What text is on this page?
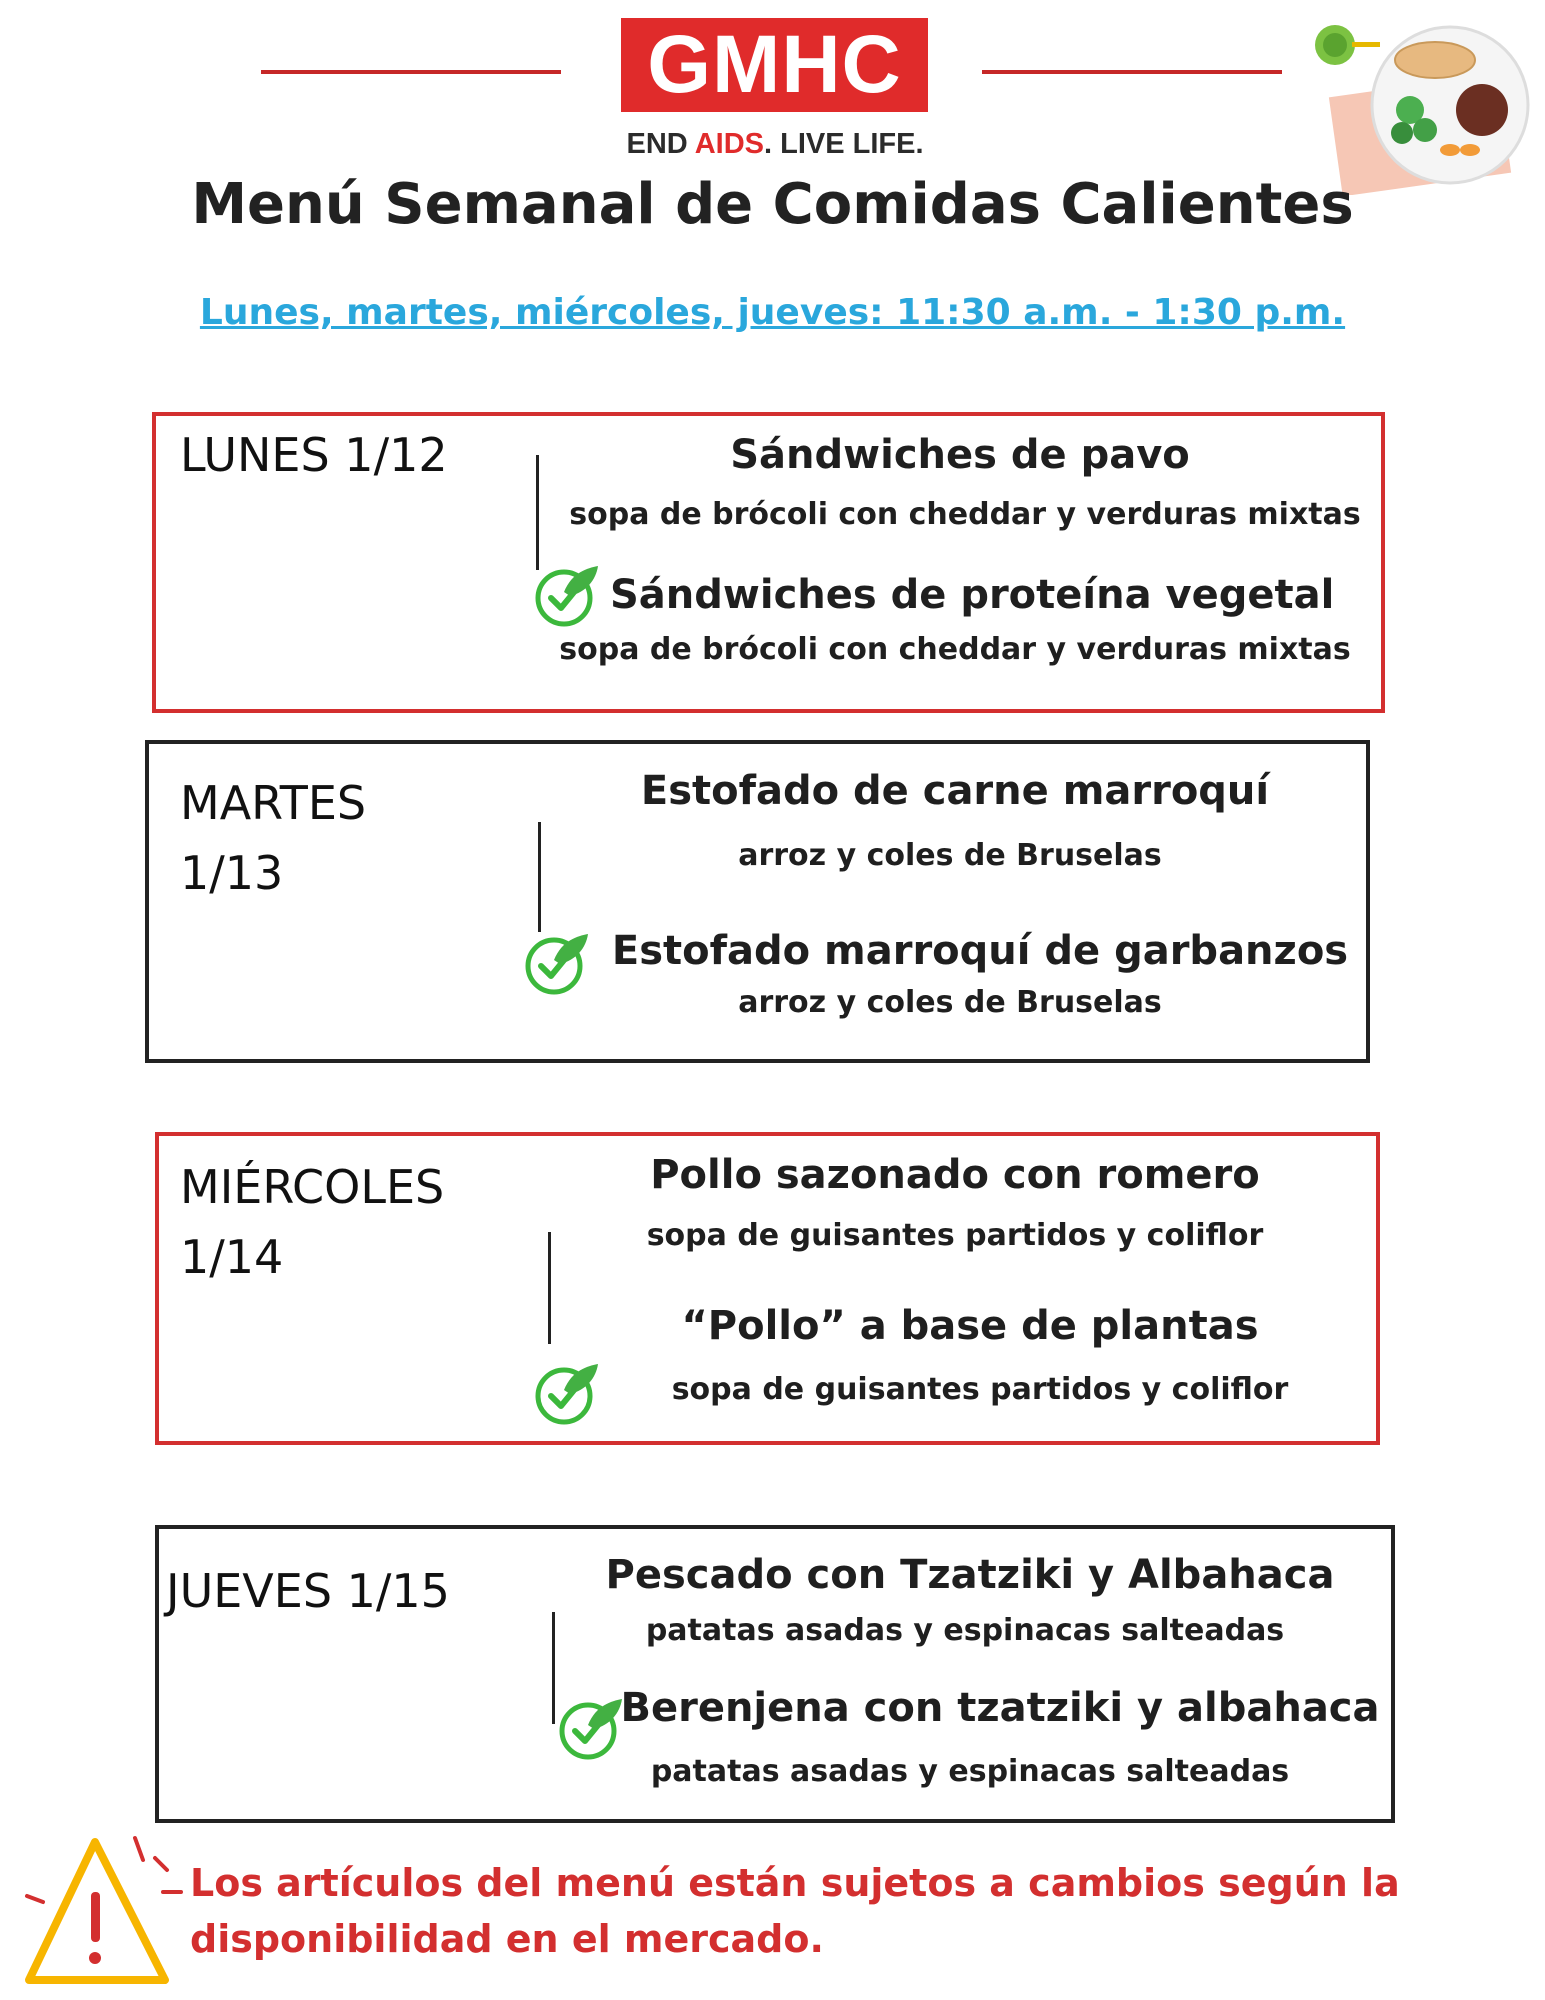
GMHC
END AIDS. LIVE LIFE.
Menú Semanal de Comidas Calientes
Lunes, martes, miércoles, jueves: 11:30 a.m. - 1:30 p.m.
LUNES 1/12	Sándwiches de pavo
sopa de brócoli con cheddar y verduras mixtas
Sándwiches de proteína vegetal
sopa de brócoli con cheddar y verduras mixtas
MARTES
1/13
Estofado de carne marroquí
arroz y coles de Bruselas
Estofado marroquí de garbanzos
arroz y coles de Bruselas
MIÉRCOLES
1/14
Pollo sazonado con romero
sopa de guisantes partidos y coliflor
“Pollo” a base de plantas
sopa de guisantes partidos y coliflor
JUEVES 1/15	Pescado con Tzatziki y Albahaca
patatas asadas y espinacas salteadas
Berenjena con tzatziki y albahaca
patatas asadas y espinacas salteadas
Los artículos del menú están sujetos a cambios según la disponibilidad en el mercado.
